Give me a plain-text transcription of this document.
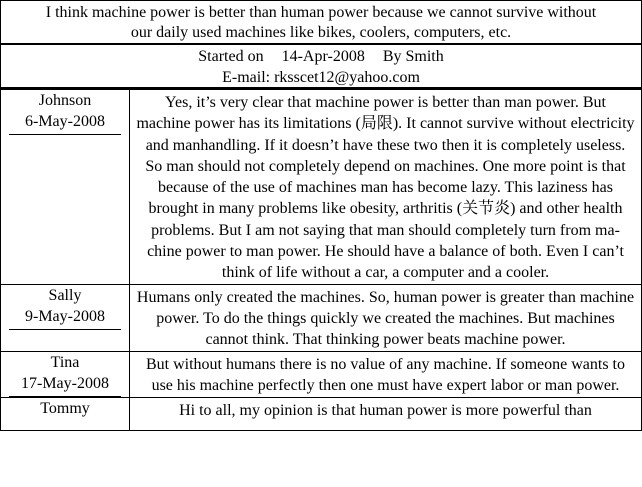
I think machine power is better than human power because we cannot survive without
our daily used machines like bikes, coolers, computers, etc.
Started on 14-Apr-2008 By Smith
E-mail: rksscet12@yahoo.com
Johnson
6-May-2008	Yes, it’s very clear that machine power is better than man power. But machine power has its limitations (局限). It cannot survive without electricity and manhandling. If it doesn’t have these two then it is completely useless. So man should not completely depend on machines. One more point is that because of the use of machines man has become lazy. This laziness has brought in many problems like obesity, arthritis (关节炎) and other health problems. But I am not saying that man should completely turn from ma-chine power to man power. He should have a balance of both. Even I can’t think of life without a car, a computer and a cooler.

Sally
9-May-2008	Humans only created the machines. So, human power is greater than machine power. To do the things quickly we created the machines. But machines cannot think. That thinking power beats machine power.

Tina
17-May-2008	But without humans there is no value of any machine. If someone wants to use his machine perfectly then one must have expert labor or man power.

Tommy	Hi to all, my opinion is that human power is more powerful than
